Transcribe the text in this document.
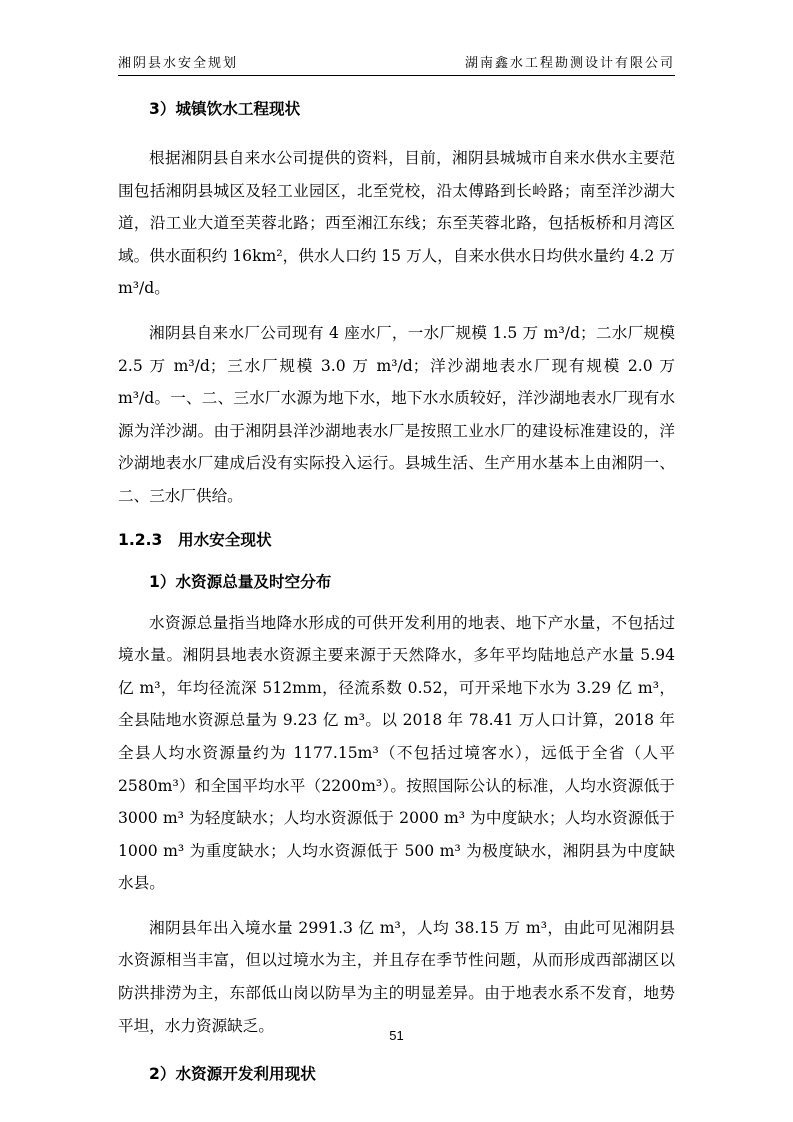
湘阴县水安全规划	湖南鑫水工程勘测设计有限公司

3）城镇饮水工程现状

根据湘阴县自来水公司提供的资料，目前，湘阴县城城市自来水供水主要范围包括湘阴县城区及轻工业园区，北至党校，沿太傅路到长岭路；南至洋沙湖大道，沿工业大道至芙蓉北路；西至湘江东线；东至芙蓉北路，包括板桥和月湾区域。供水面积约 16km²，供水人口约 15 万人，自来水供水日均供水量约 4.2 万 m³/d。

湘阴县自来水厂公司现有 4 座水厂，一水厂规模 1.5 万 m³/d；二水厂规模 2.5 万 m³/d；三水厂规模 3.0 万 m³/d；洋沙湖地表水厂现有规模 2.0 万 m³/d。一、二、三水厂水源为地下水，地下水水质较好，洋沙湖地表水厂现有水源为洋沙湖。由于湘阴县洋沙湖地表水厂是按照工业水厂的建设标准建设的，洋沙湖地表水厂建成后没有实际投入运行。县城生活、生产用水基本上由湘阴一、二、三水厂供给。

1.2.3　用水安全现状

1）水资源总量及时空分布

水资源总量指当地降水形成的可供开发利用的地表、地下产水量，不包括过境水量。湘阴县地表水资源主要来源于天然降水，多年平均陆地总产水量 5.94 亿 m³，年均径流深 512mm，径流系数 0.52，可开采地下水为 3.29 亿 m³，全县陆地水资源总量为 9.23 亿 m³。以 2018 年 78.41 万人口计算，2018 年全县人均水资源量约为 1177.15m³（不包括过境客水），远低于全省（人平 2580m³）和全国平均水平（2200m³）。按照国际公认的标准，人均水资源低于 3000 m³ 为轻度缺水；人均水资源低于 2000 m³ 为中度缺水；人均水资源低于 1000 m³ 为重度缺水；人均水资源低于 500 m³ 为极度缺水，湘阴县为中度缺水县。

湘阴县年出入境水量 2991.3 亿 m³，人均 38.15 万 m³，由此可见湘阴县水资源相当丰富，但以过境水为主，并且存在季节性问题，从而形成西部湖区以防洪排涝为主，东部低山岗以防旱为主的明显差异。由于地表水系不发育，地势平坦，水力资源缺乏。

2）水资源开发利用现状

51
